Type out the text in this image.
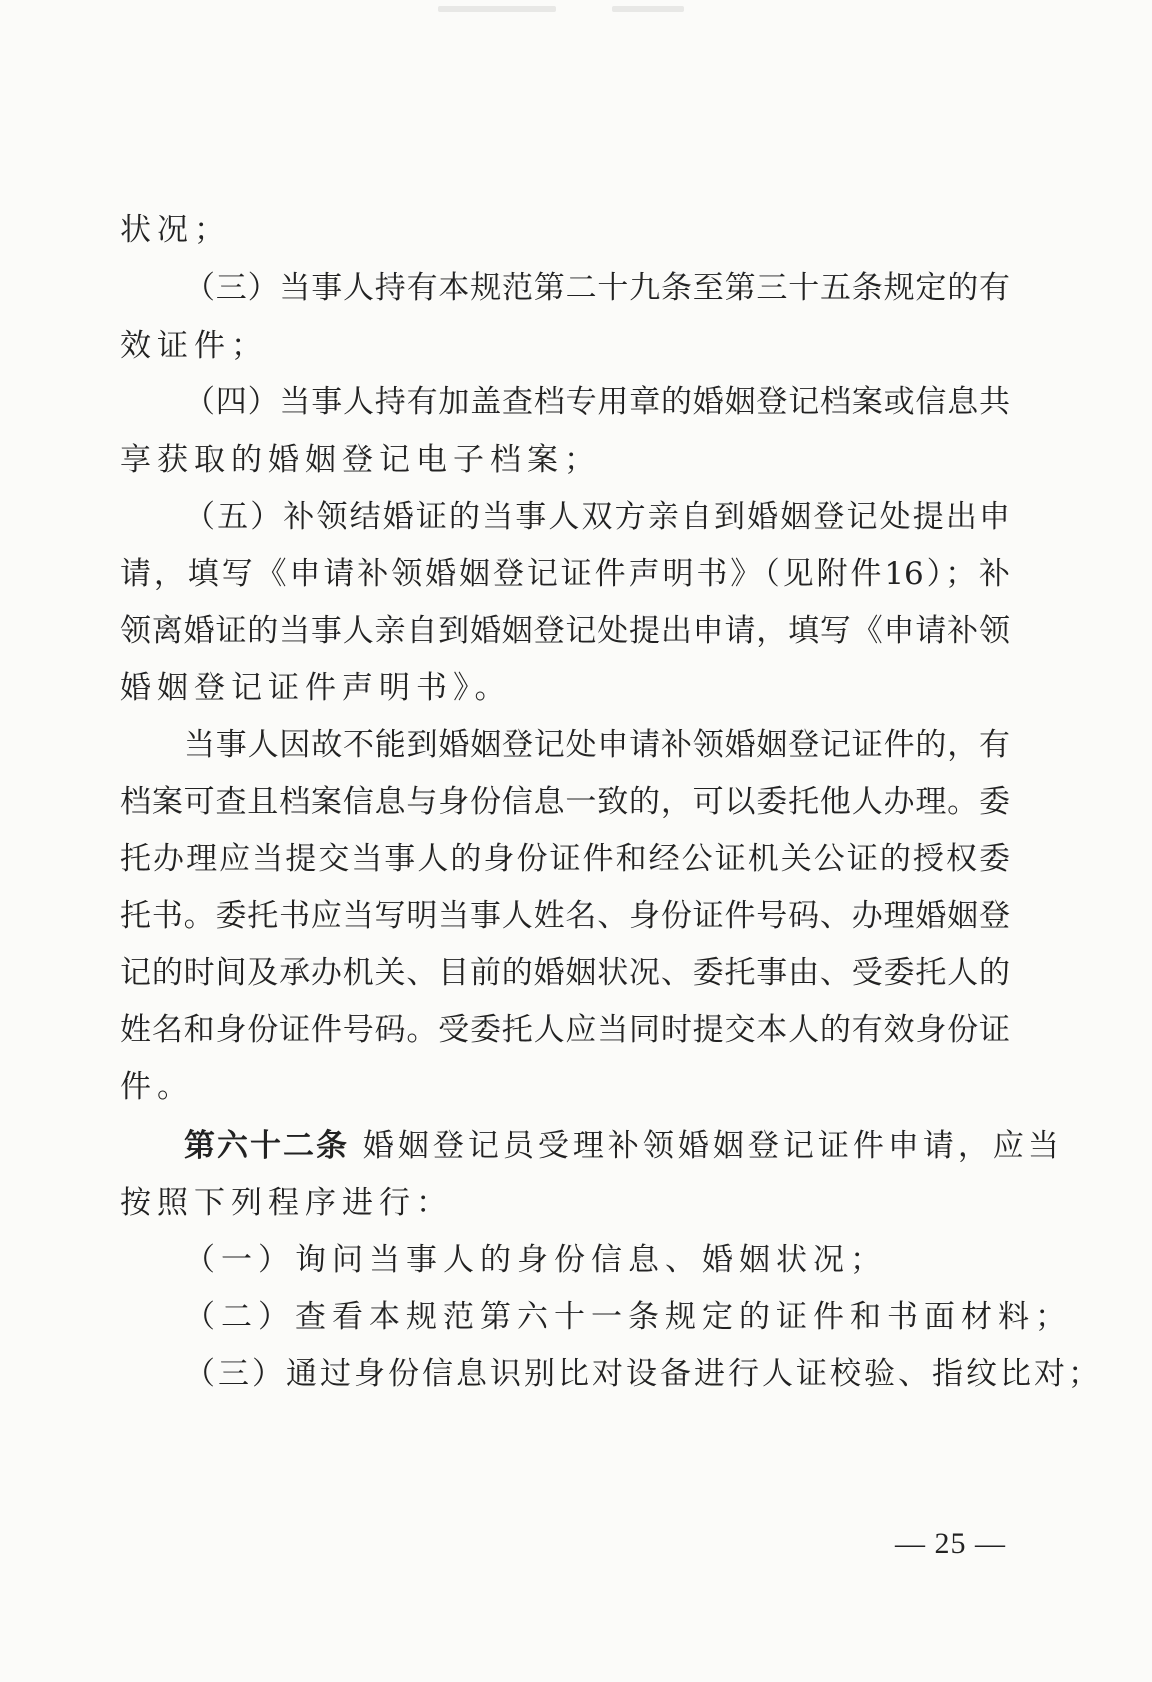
状况；
（三）当事人持有本规范第二十九条至第三十五条规定的有
效证件；
（四）当事人持有加盖查档专用章的婚姻登记档案或信息共
享获取的婚姻登记电子档案；
（五）补领结婚证的当事人双方亲自到婚姻登记处提出申
请，填写《申请补领婚姻登记证件声明书》（见附件16）；补
领离婚证的当事人亲自到婚姻登记处提出申请，填写《申请补领
婚姻登记证件声明书》。
当事人因故不能到婚姻登记处申请补领婚姻登记证件的，有
档案可查且档案信息与身份信息一致的，可以委托他人办理。委
托办理应当提交当事人的身份证件和经公证机关公证的授权委
托书。委托书应当写明当事人姓名、身份证件号码、办理婚姻登
记的时间及承办机关、目前的婚姻状况、委托事由、受委托人的
姓名和身份证件号码。受委托人应当同时提交本人的有效身份证
件。
第六十二条 婚姻登记员受理补领婚姻登记证件申请，应当
按照下列程序进行：
（一）询问当事人的身份信息、婚姻状况；
（二）查看本规范第六十一条规定的证件和书面材料；
（三）通过身份信息识别比对设备进行人证校验、指纹比对；
— 25 —
